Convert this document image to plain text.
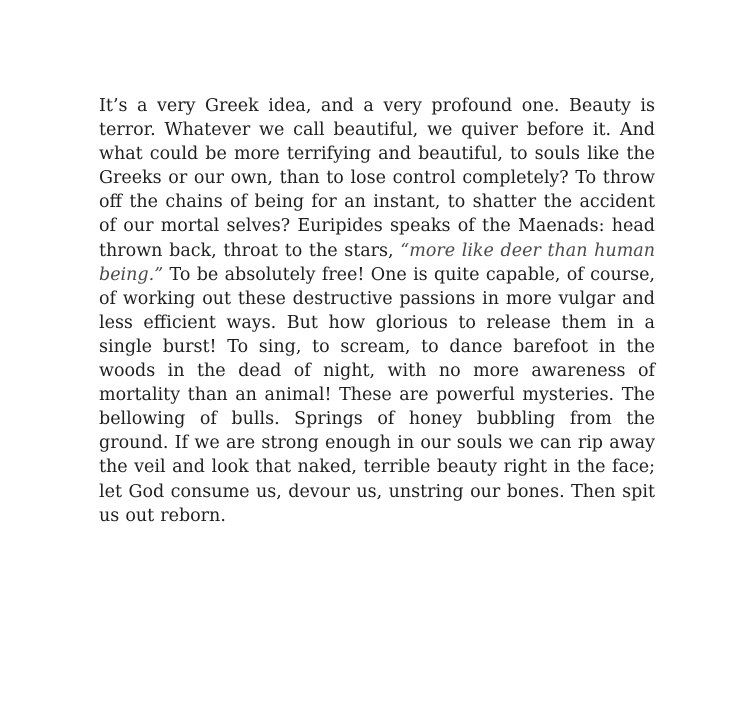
It’s a very Greek idea, and a very profound one. Beauty is terror. Whatever we call beautiful, we quiver before it. And what could be more terrifying and beautiful, to souls like the Greeks or our own, than to lose control completely? To throw off the chains of being for an instant, to shatter the accident of our mortal selves? Euripides speaks of the Maenads: head thrown back, throat to the stars, “more like deer than human being.” To be absolutely free! One is quite capable, of course, of working out these destructive passions in more vulgar and less efficient ways. But how glorious to release them in a single burst! To sing, to scream, to dance barefoot in the woods in the dead of night, with no more awareness of mortality than an animal! These are powerful mysteries. The bellowing of bulls. Springs of honey bubbling from the ground. If we are strong enough in our souls we can rip away the veil and look that naked, terrible beauty right in the face; let God consume us, devour us, unstring our bones. Then spit us out reborn.
